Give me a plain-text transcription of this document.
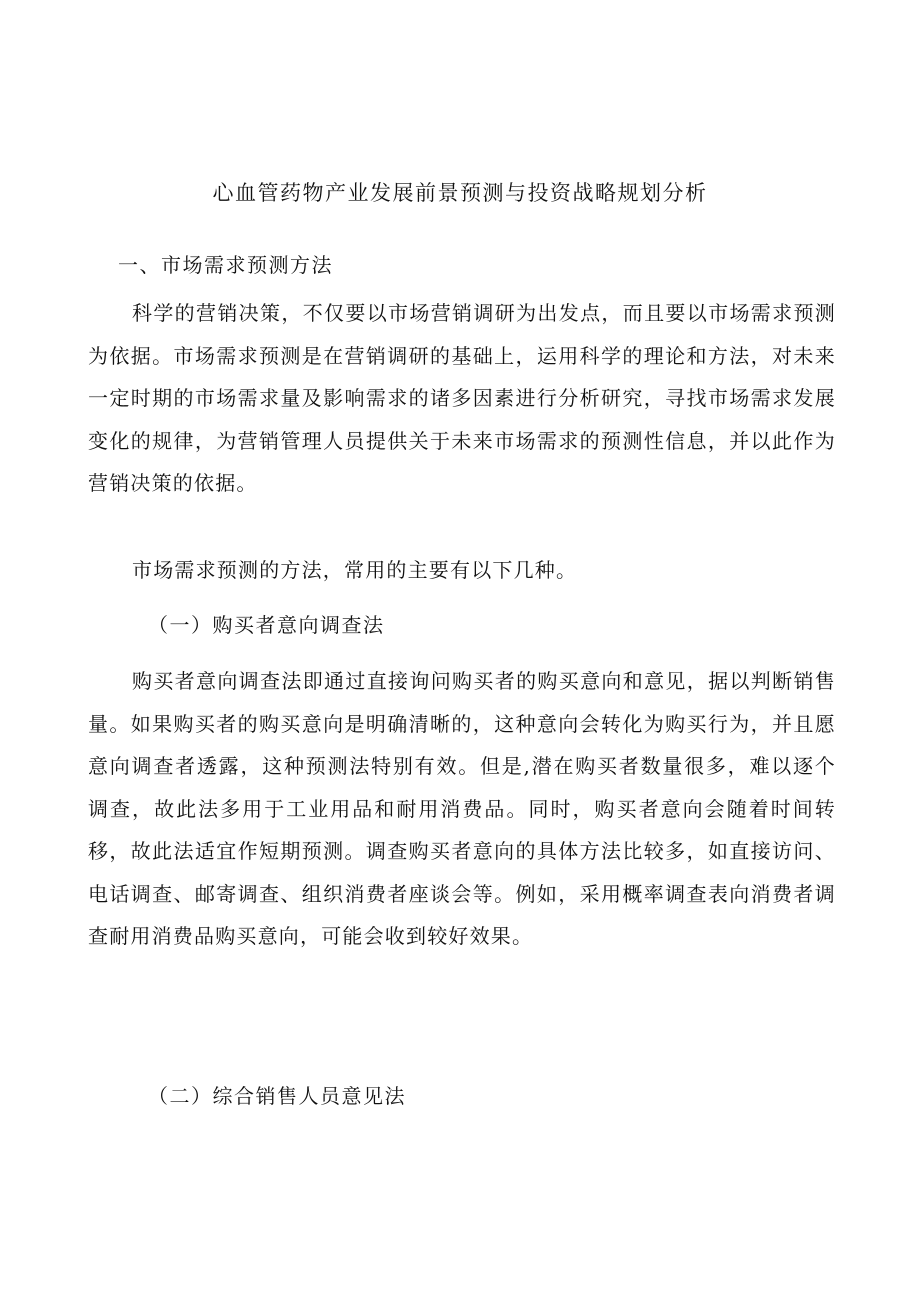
心血管药物产业发展前景预测与投资战略规划分析
一、市场需求预测方法

科学的营销决策，不仅要以市场营销调研为出发点，而且要以市场需求预测为依据。市场需求预测是在营销调研的基础上，运用科学的理论和方法，对未来一定时期的市场需求量及影响需求的诸多因素进行分析研究，寻找市场需求发展变化的规律，为营销管理人员提供关于未来市场需求的预测性信息，并以此作为营销决策的依据。

市场需求预测的方法，常用的主要有以下几种。

（一）购买者意向调查法

购买者意向调查法即通过直接询问购买者的购买意向和意见，据以判断销售量。如果购买者的购买意向是明确清晰的，这种意向会转化为购买行为，并且愿意向调查者透露，这种预测法特别有效。但是,潜在购买者数量很多，难以逐个调查，故此法多用于工业用品和耐用消费品。同时，购买者意向会随着时间转移，故此法适宜作短期预测。调查购买者意向的具体方法比较多，如直接访问、电话调查、邮寄调查、组织消费者座谈会等。例如，采用概率调查表向消费者调查耐用消费品购买意向，可能会收到较好效果。

（二）综合销售人员意见法
